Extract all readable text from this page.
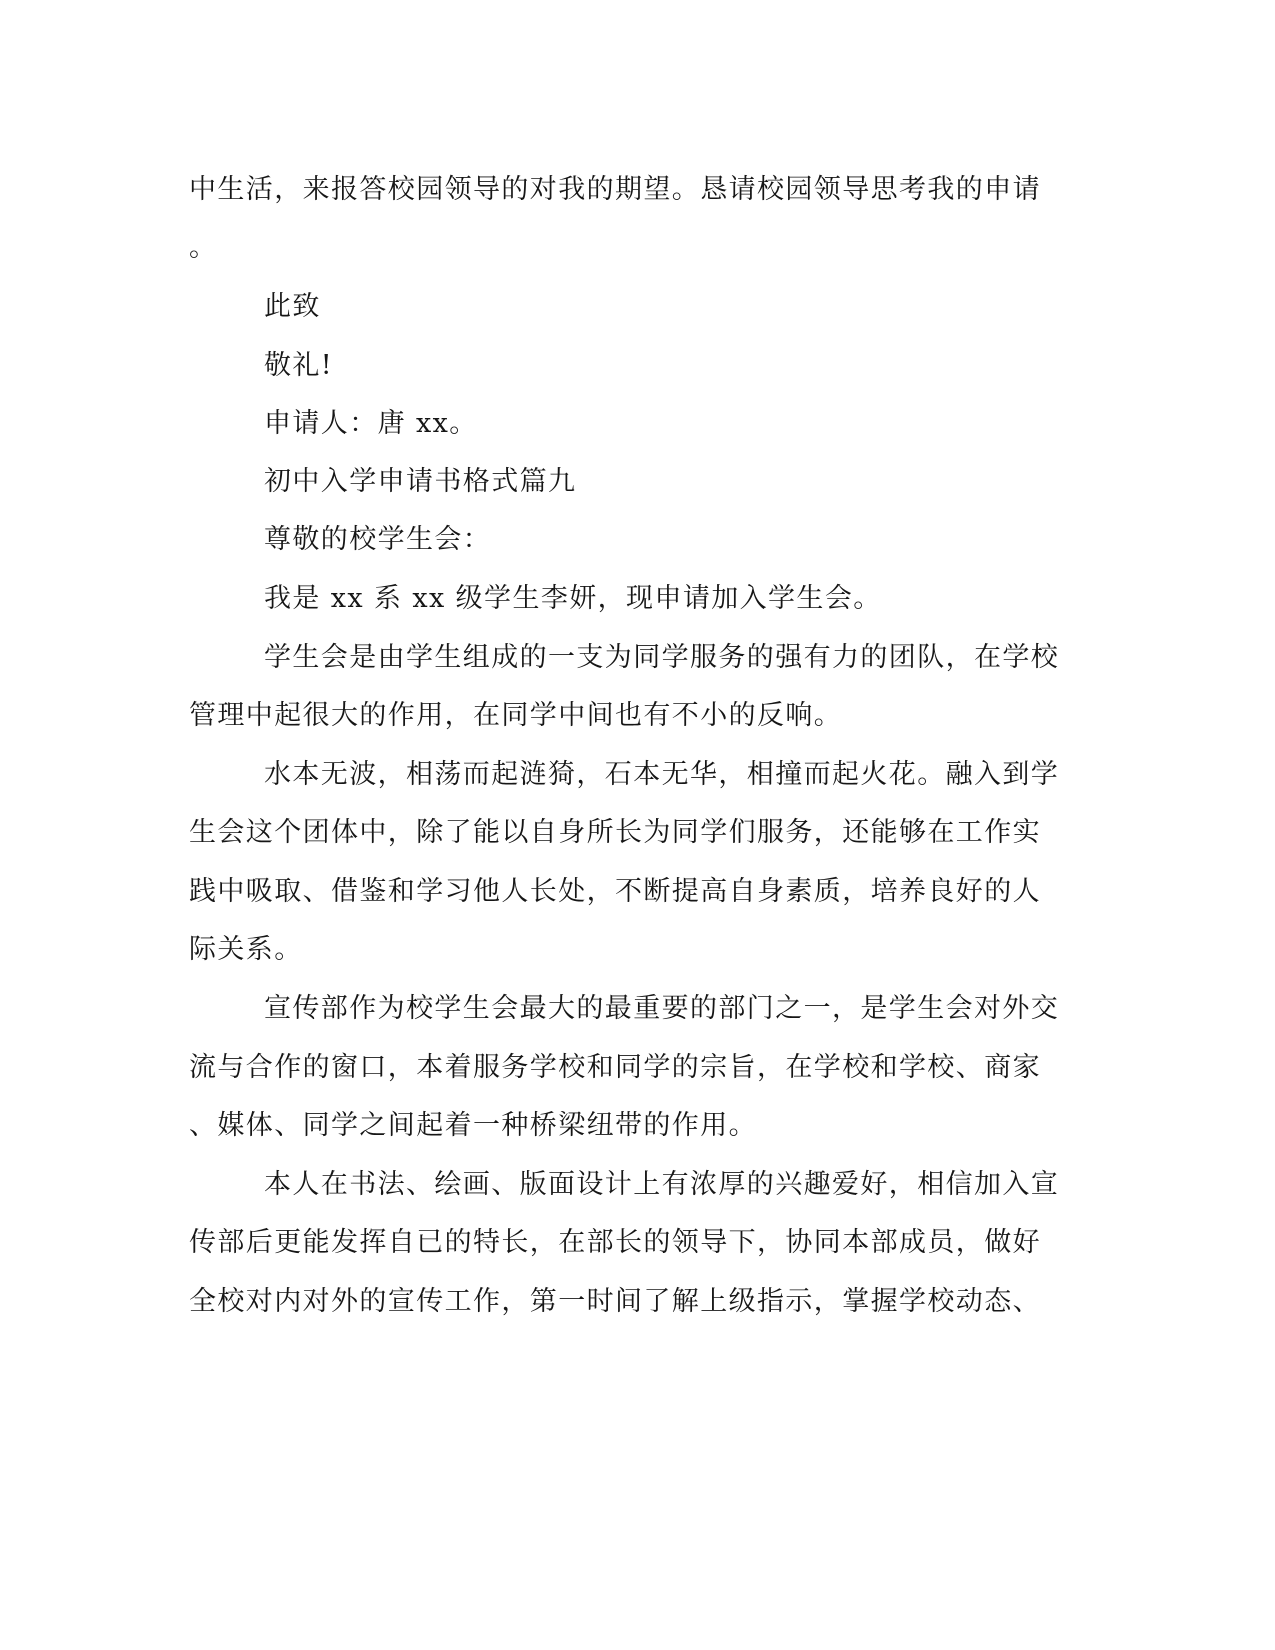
中生活，来报答校园领导的对我的期望。恳请校园领导思考我的申请
。
此致
敬礼!
申请人：唐 xx。
初中入学申请书格式篇九
尊敬的校学生会：
我是 xx 系 xx 级学生李妍，现申请加入学生会。
学生会是由学生组成的一支为同学服务的强有力的团队，在学校
管理中起很大的作用，在同学中间也有不小的反响。
水本无波，相荡而起涟猗，石本无华，相撞而起火花。融入到学
生会这个团体中，除了能以自身所长为同学们服务，还能够在工作实
践中吸取、借鉴和学习他人长处，不断提高自身素质，培养良好的人
际关系。
宣传部作为校学生会最大的最重要的部门之一，是学生会对外交
流与合作的窗口，本着服务学校和同学的宗旨，在学校和学校、商家
、媒体、同学之间起着一种桥梁纽带的作用。
本人在书法、绘画、版面设计上有浓厚的兴趣爱好，相信加入宣
传部后更能发挥自已的特长，在部长的领导下，协同本部成员，做好
全校对内对外的宣传工作，第一时间了解上级指示，掌握学校动态、
